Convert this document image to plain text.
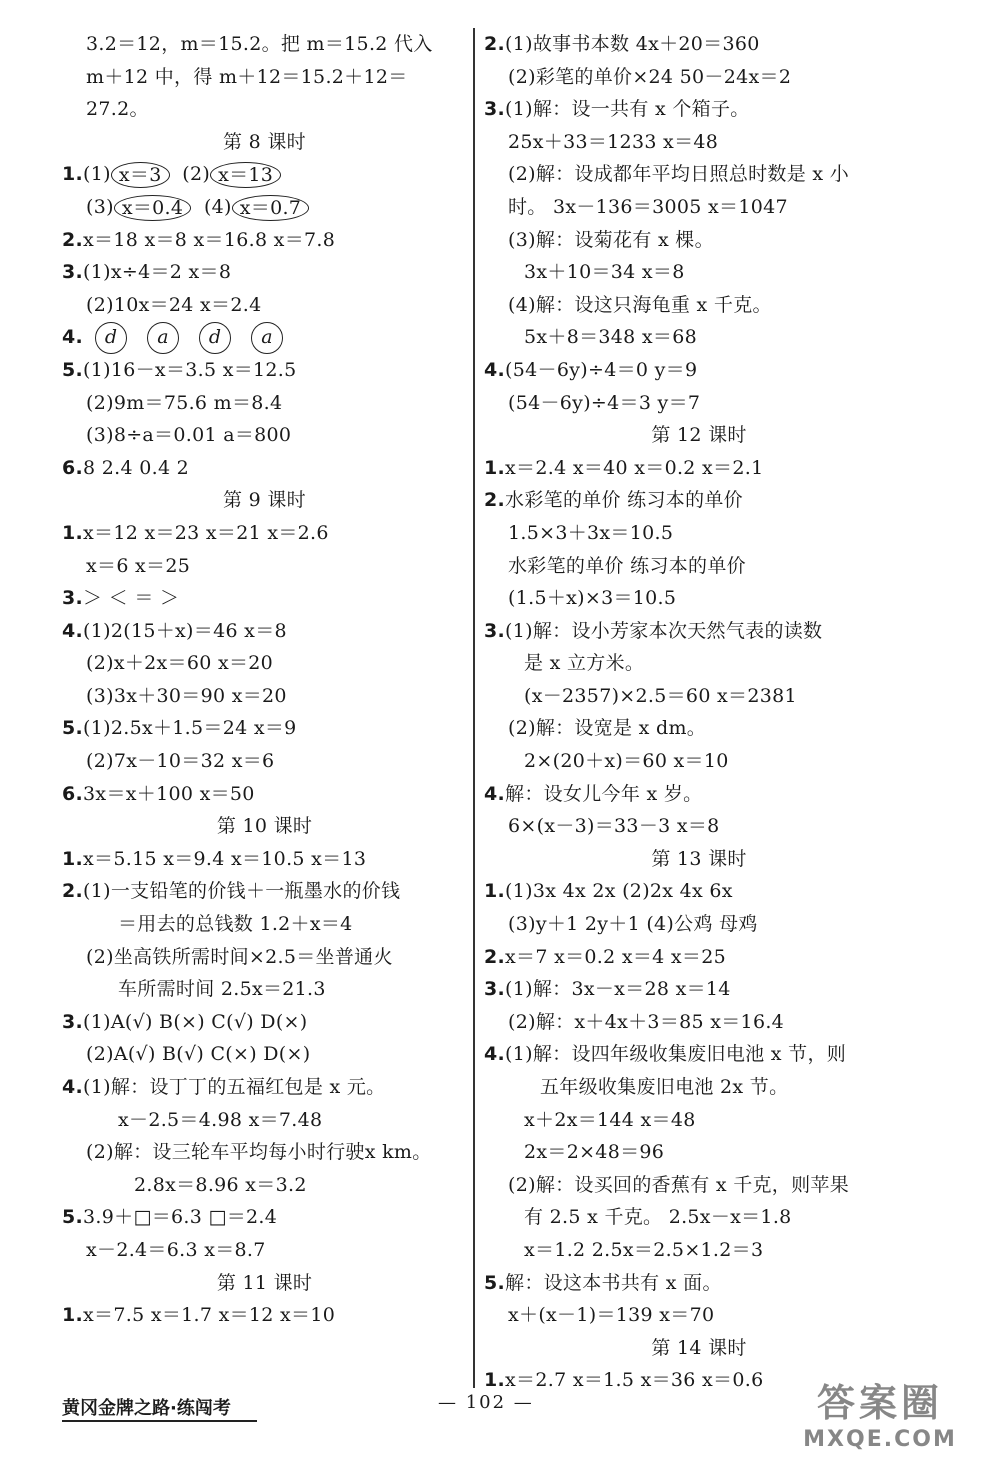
3.2＝12，m＝15.2。把 m＝15.2 代入
m＋12 中，得 m＋12＝15.2＋12＝
27.2。
第 8 课时
1.(1) x＝3  (2) x＝13
(3) x＝0.4  (4) x＝0.7
2.x＝18 x＝8 x＝16.8 x＝7.8
3.(1)x÷4＝2 x＝8
(2)10x＝24 x＝2.4
4. d a d a
5.(1)16－x＝3.5 x＝12.5
(2)9m＝75.6 m＝8.4
(3)8÷a＝0.01 a＝800
6.8 2.4 0.4 2
第 9 课时
1.x＝12 x＝23 x＝21 x＝2.6
x＝6 x＝25
3.＞ ＜ ＝ ＞
4.(1)2(15＋x)＝46 x＝8
(2)x＋2x＝60 x＝20
(3)3x＋30＝90 x＝20
5.(1)2.5x＋1.5＝24 x＝9
(2)7x－10＝32 x＝6
6.3x＝x＋100 x＝50
第 10 课时
1.x＝5.15 x＝9.4 x＝10.5 x＝13
2.(1)一支铅笔的价钱＋一瓶墨水的价钱
＝用去的总钱数 1.2＋x＝4
(2)坐高铁所需时间×2.5＝坐普通火
车所需时间 2.5x＝21.3
3.(1)A(√) B(×) C(√) D(×)
(2)A(√) B(√) C(×) D(×)
4.(1)解：设丁丁的五福红包是 x 元。
x－2.5＝4.98 x＝7.48
(2)解：设三轮车平均每小时行驶x km。
2.8x＝8.96 x＝3.2
5.3.9＋□＝6.3 □＝2.4
x－2.4＝6.3 x＝8.7
第 11 课时
1.x＝7.5 x＝1.7 x＝12 x＝10
2.(1)故事书本数 4x＋20＝360
(2)彩笔的单价×24 50－24x＝2
3.(1)解：设一共有 x 个箱子。
25x＋33＝1233 x＝48
(2)解：设成都年平均日照总时数是 x 小
时。 3x－136＝3005 x＝1047
(3)解：设菊花有 x 棵。
3x＋10＝34 x＝8
(4)解：设这只海龟重 x 千克。
5x＋8＝348 x＝68
4.(54－6y)÷4＝0 y＝9
(54－6y)÷4＝3 y＝7
第 12 课时
1.x＝2.4 x＝40 x＝0.2 x＝2.1
2.水彩笔的单价 练习本的单价
1.5×3＋3x＝10.5
水彩笔的单价 练习本的单价
(1.5＋x)×3＝10.5
3.(1)解：设小芳家本次天然气表的读数
是 x 立方米。
(x－2357)×2.5＝60 x＝2381
(2)解：设宽是 x dm。
2×(20＋x)＝60 x＝10
4.解：设女儿今年 x 岁。
6×(x－3)＝33－3 x＝8
第 13 课时
1.(1)3x 4x 2x (2)2x 4x 6x
(3)y＋1 2y＋1 (4)公鸡 母鸡
2.x＝7 x＝0.2 x＝4 x＝25
3.(1)解：3x－x＝28 x＝14
(2)解：x＋4x＋3＝85 x＝16.4
4.(1)解：设四年级收集废旧电池 x 节，则
五年级收集废旧电池 2x 节。
x＋2x＝144 x＝48
2x＝2×48＝96
(2)解：设买回的香蕉有 x 千克，则苹果
有 2.5 x 千克。 2.5x－x＝1.8
x＝1.2 2.5x＝2.5×1.2＝3
5.解：设这本书共有 x 面。
x＋(x－1)＝139 x＝70
第 14 课时
1.x＝2.7 x＝1.5 x＝36 x＝0.6
黄冈金牌之路·练闯考	— 102 —	答案圈
MXQE.COM
